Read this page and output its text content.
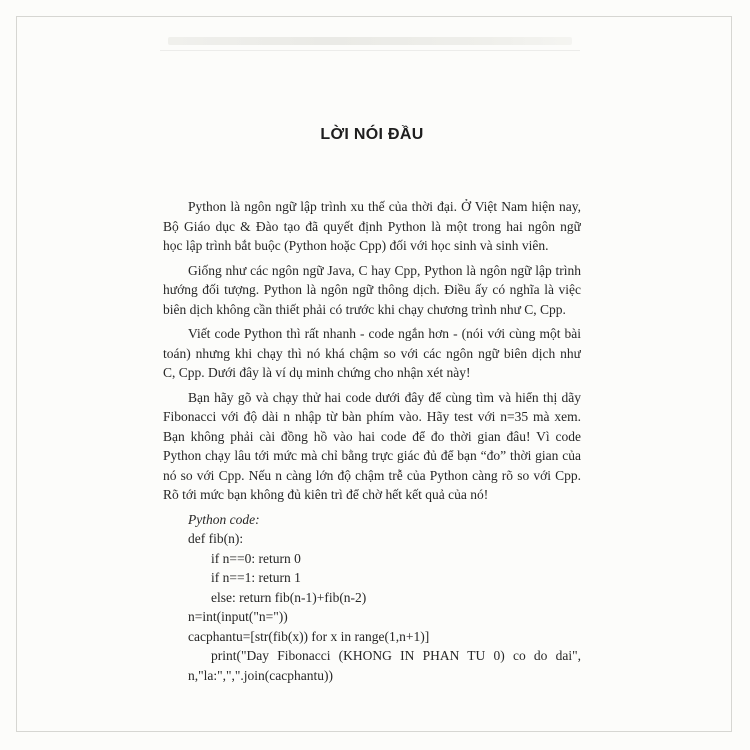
LỜI NÓI ĐẦU
Python là ngôn ngữ lập trình xu thế của thời đại. Ở Việt Nam hiện nay,
Bộ Giáo dục & Đào tạo đã quyết định Python là một trong hai ngôn ngữ
học lập trình bắt buộc (Python hoặc Cpp) đối với học sinh và sinh viên.
Giống như các ngôn ngữ Java, C hay Cpp, Python là ngôn ngữ lập trình
hướng đối tượng. Python là ngôn ngữ thông dịch. Điều ấy có nghĩa là việc
biên dịch không cần thiết phải có trước khi chạy chương trình như C, Cpp.
Viết code Python thì rất nhanh - code ngắn hơn - (nói với cùng một bài
toán) nhưng khi chạy thì nó khá chậm so với các ngôn ngữ biên dịch như
C, Cpp. Dưới đây là ví dụ minh chứng cho nhận xét này!
Bạn hãy gõ và chạy thử hai code dưới đây để cùng tìm và hiển thị dãy
Fibonacci với độ dài n nhập từ bàn phím vào. Hãy test với n=35 mà xem.
Bạn không phải cài đồng hồ vào hai code để đo thời gian đâu! Vì code
Python chạy lâu tới mức mà chỉ bằng trực giác đủ để bạn “đo” thời gian của
nó so với Cpp. Nếu n càng lớn độ chậm trễ của Python càng rõ so với Cpp.
Rõ tới mức bạn không đủ kiên trì để chờ hết kết quả của nó!
Python code:
def fib(n):
if n==0: return 0
if n==1: return 1
else: return fib(n-1)+fib(n-2)
n=int(input("n="))
cacphantu=[str(fib(x)) for x in range(1,n+1)]
print("Day Fibonacci (KHONG IN PHAN TU 0) co do dai",
n,"la:",",".join(cacphantu))
